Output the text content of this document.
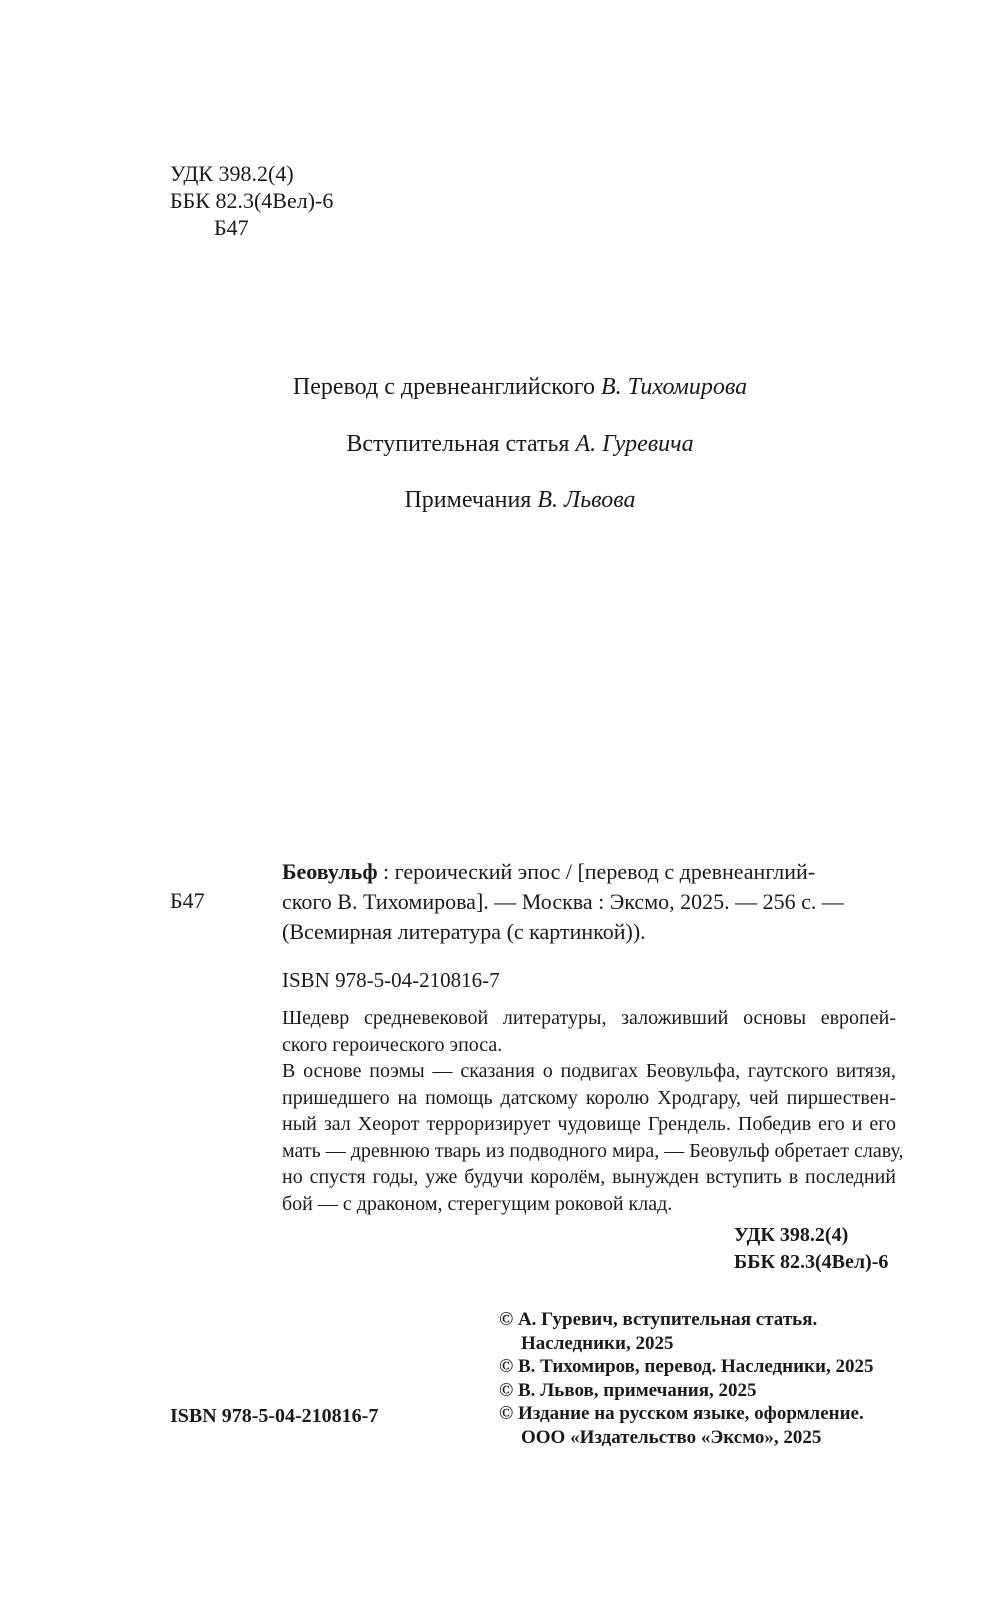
УДК 398.2(4)
ББК 82.3(4Вел)-6
Б47
Перевод с древнеанглийского В. Тихомирова
Вступительная статья А. Гуревича
Примечания В. Львова
Б47
Беовульф : героический эпос / [перевод с древнеанглий-
ского В. Тихомирова]. — Москва : Эксмо, 2025. — 256 с. —
(Всемирная литература (с картинкой)).
ISBN 978-5-04-210816-7
Шедевр средневековой литературы, заложивший основы европей-
ского героического эпоса.
В основе поэмы — сказания о подвигах Беовульфа, гаутского витязя,
пришедшего на помощь датскому королю Хродгару, чей пиршествен-
ный зал Хеорот терроризирует чудовище Грендель. Победив его и его
мать — древнюю тварь из подводного мира, — Беовульф обретает славу,
но спустя годы, уже будучи королём, вынужден вступить в последний
бой — с драконом, стерегущим роковой клад.
УДК 398.2(4)
ББК 82.3(4Вел)-6
© А. Гуревич, вступительная статья.
Наследники, 2025
© В. Тихомиров, перевод. Наследники, 2025
© В. Львов, примечания, 2025
© Издание на русском языке, оформление.
ООО «Издательство «Эксмо», 2025
ISBN 978-5-04-210816-7
